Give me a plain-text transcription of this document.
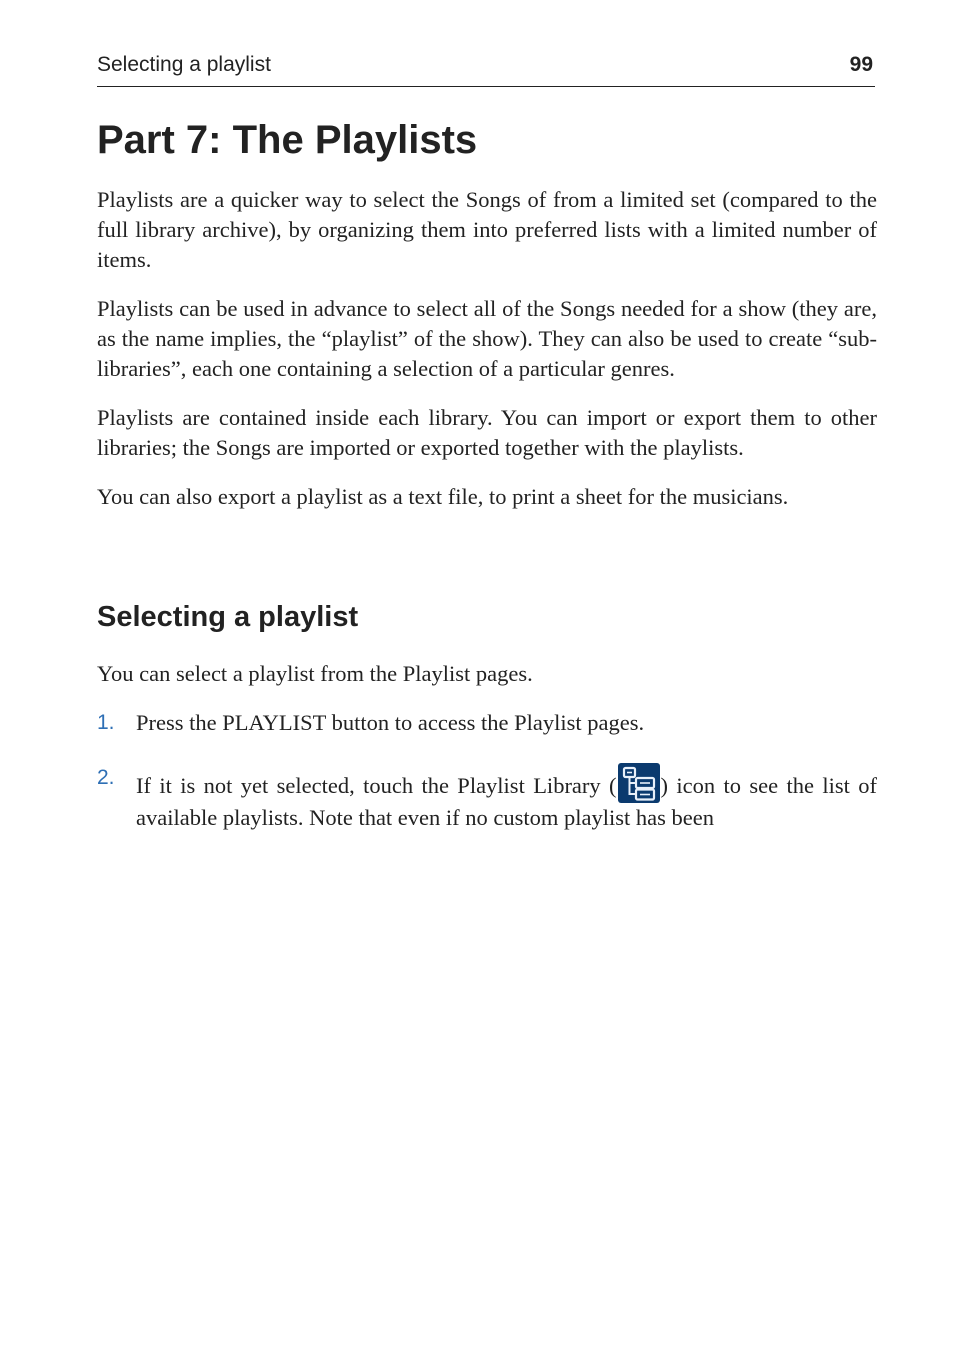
Selecting a playlist	99
Part 7: The Playlists

Playlists are a quicker way to select the Songs of from a limited set (compared to the full library archive), by organizing them into preferred lists with a limited number of items.

Playlists can be used in advance to select all of the Songs needed for a show (they are, as the name implies, the “playlist” of the show). They can also be used to create “sub-libraries”, each one containing a selection of a particular genres.

Playlists are contained inside each library. You can import or export them to other libraries; the Songs are imported or exported together with the playlists.

You can also export a playlist as a text file, to print a sheet for the musicians.

Selecting a playlist

You can select a playlist from the Playlist pages.

1. Press the PLAYLIST button to access the Playlist pages.
2. If it is not yet selected, touch the Playlist Library ( ) icon to see the list of available playlists. Note that even if no custom playlist has been
